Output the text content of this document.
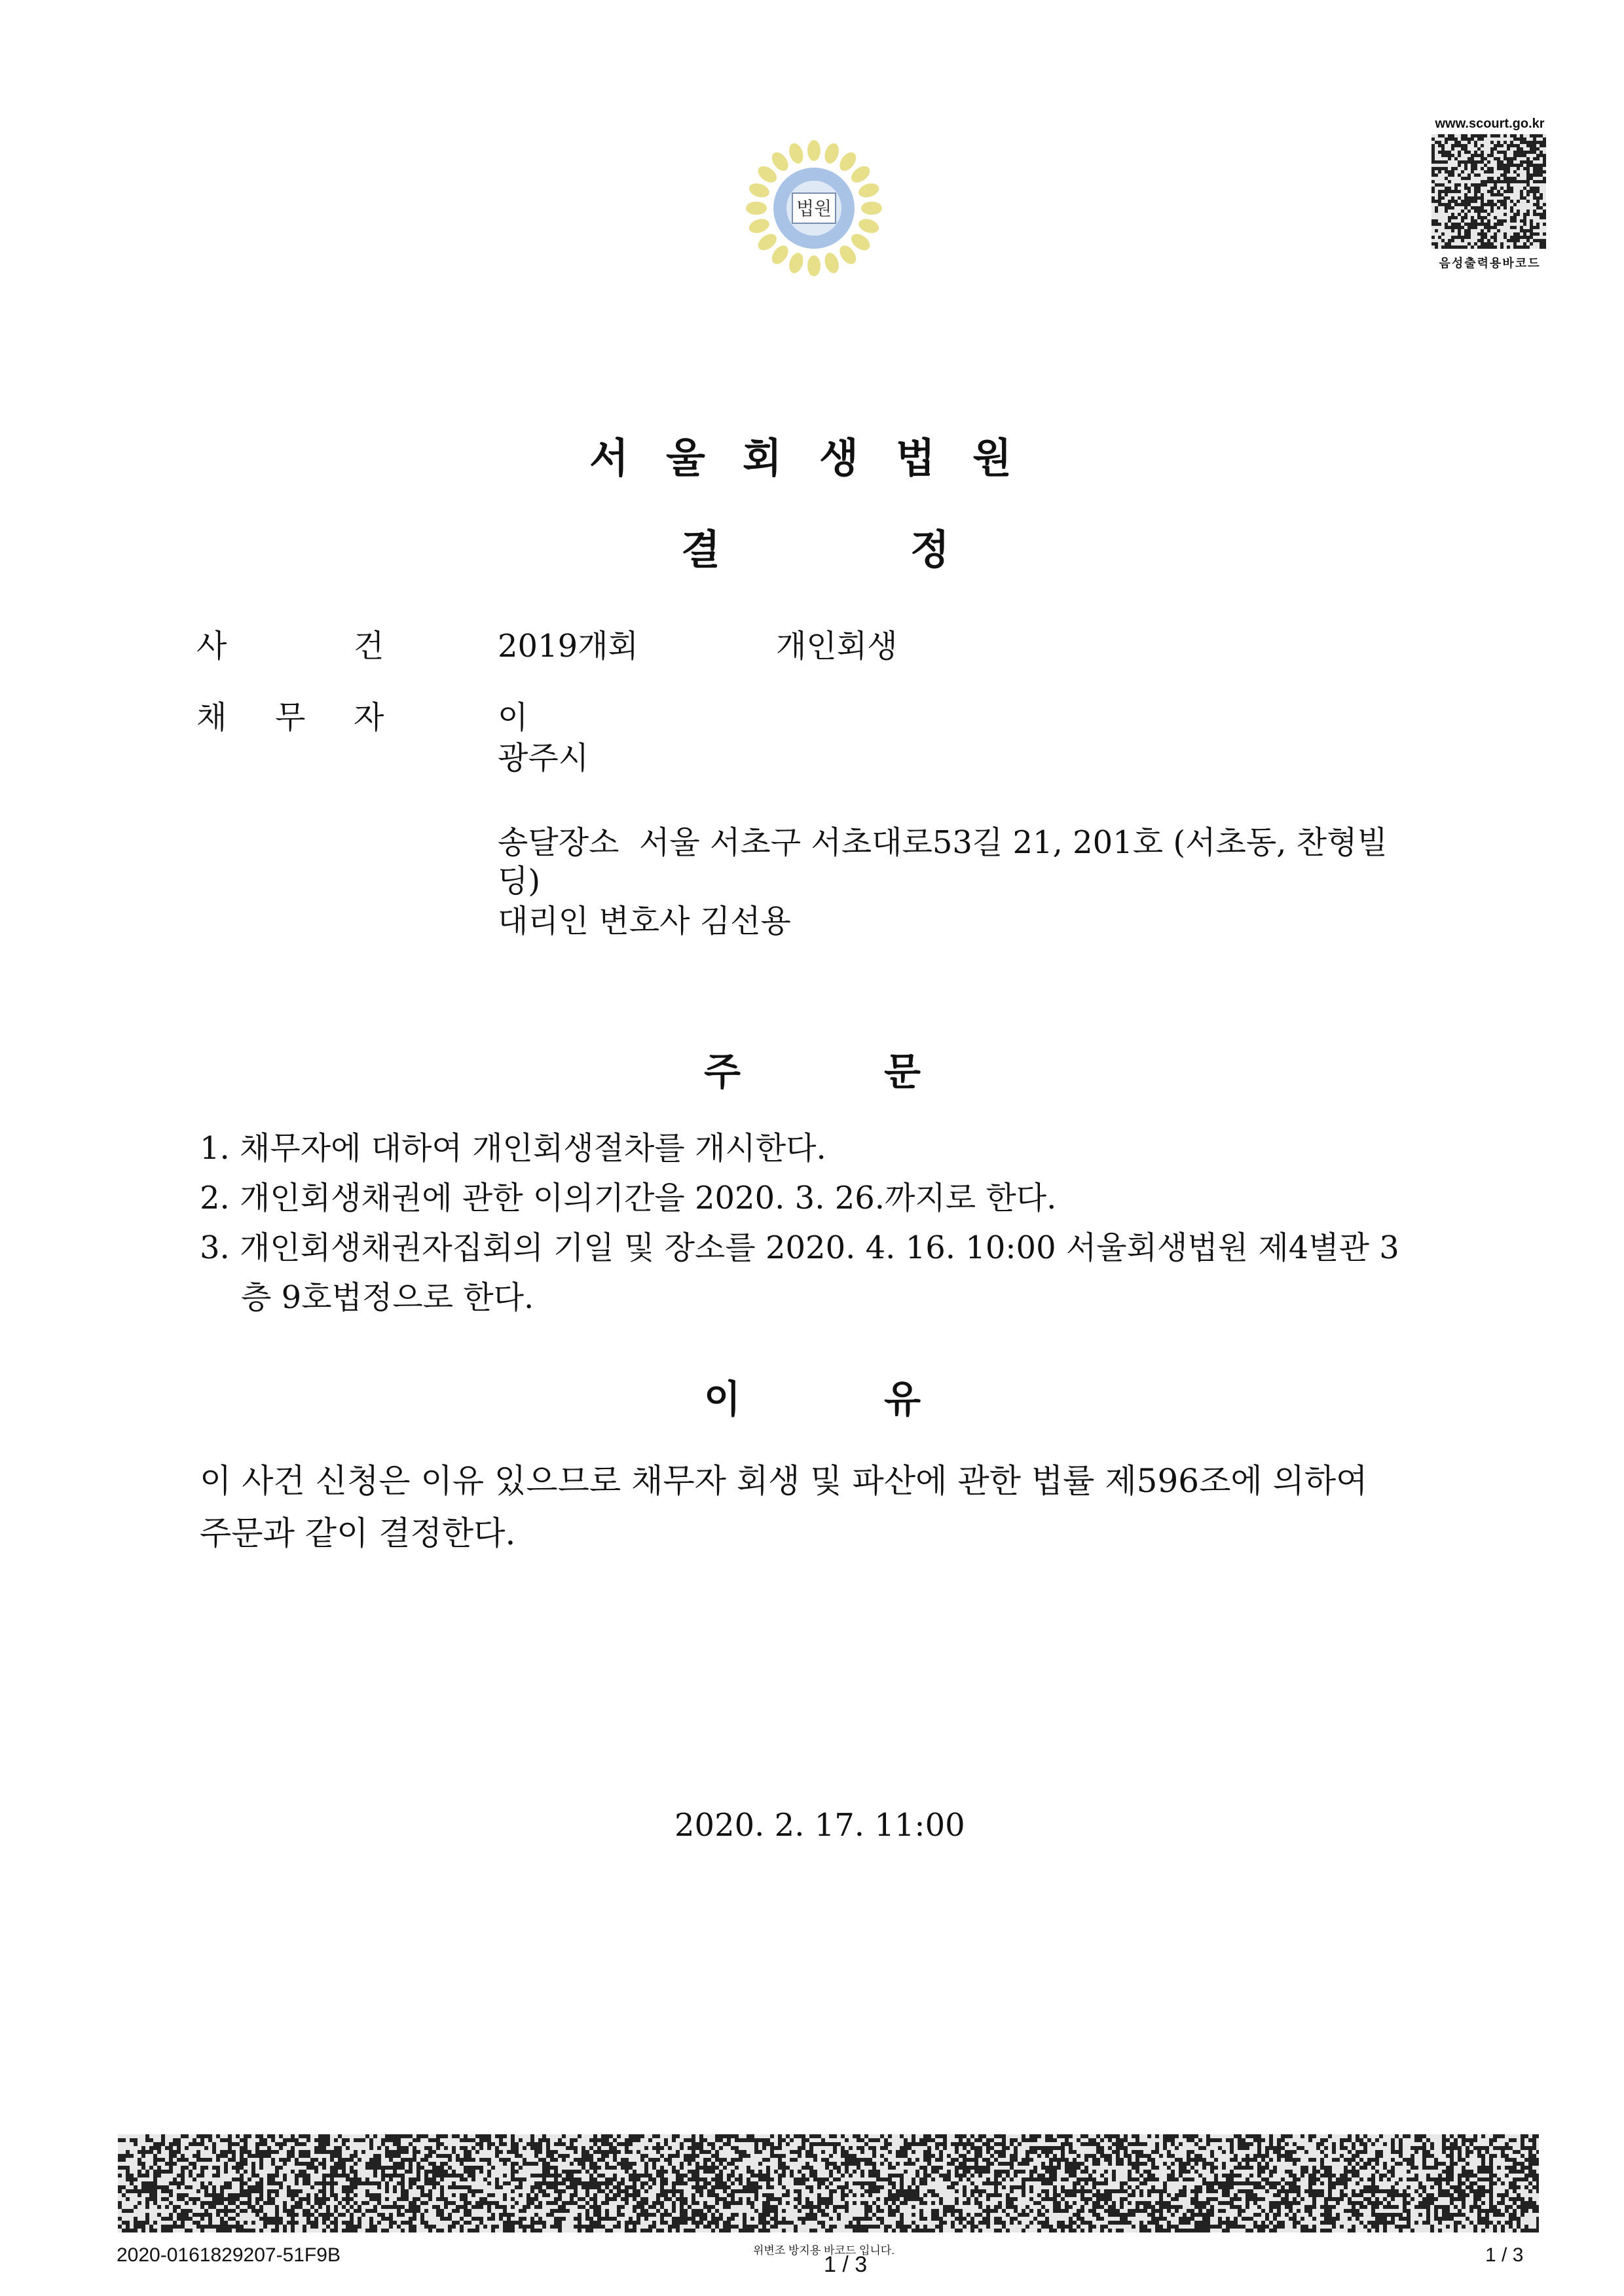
법원
www.scourt.go.kr
음성출력용바코드
서 울 회 생 법 원
결	정
사	건	2019개회	개인회생
채 무 자	이
광주시
송달장소  서울 서초구 서초대로53길 21, 201호 (서초동, 찬형빌
딩)
대리인 변호사 김선용
주	문
1. 채무자에 대하여 개인회생절차를 개시한다.
2. 개인회생채권에 관한 이의기간을 2020. 3. 26.까지로 한다.
3. 개인회생채권자집회의 기일 및 장소를 2020. 4. 16. 10:00 서울회생법원 제4별관 3
층 9호법정으로 한다.
이	유
이 사건 신청은 이유 있으므로 채무자 회생 및 파산에 관한 법률 제596조에 의하여
주문과 같이 결정한다.
2020. 2. 17. 11:00
2020-0161829207-51F9B	위변조 방지용 바코드 입니다.
1 / 3	1 / 3
